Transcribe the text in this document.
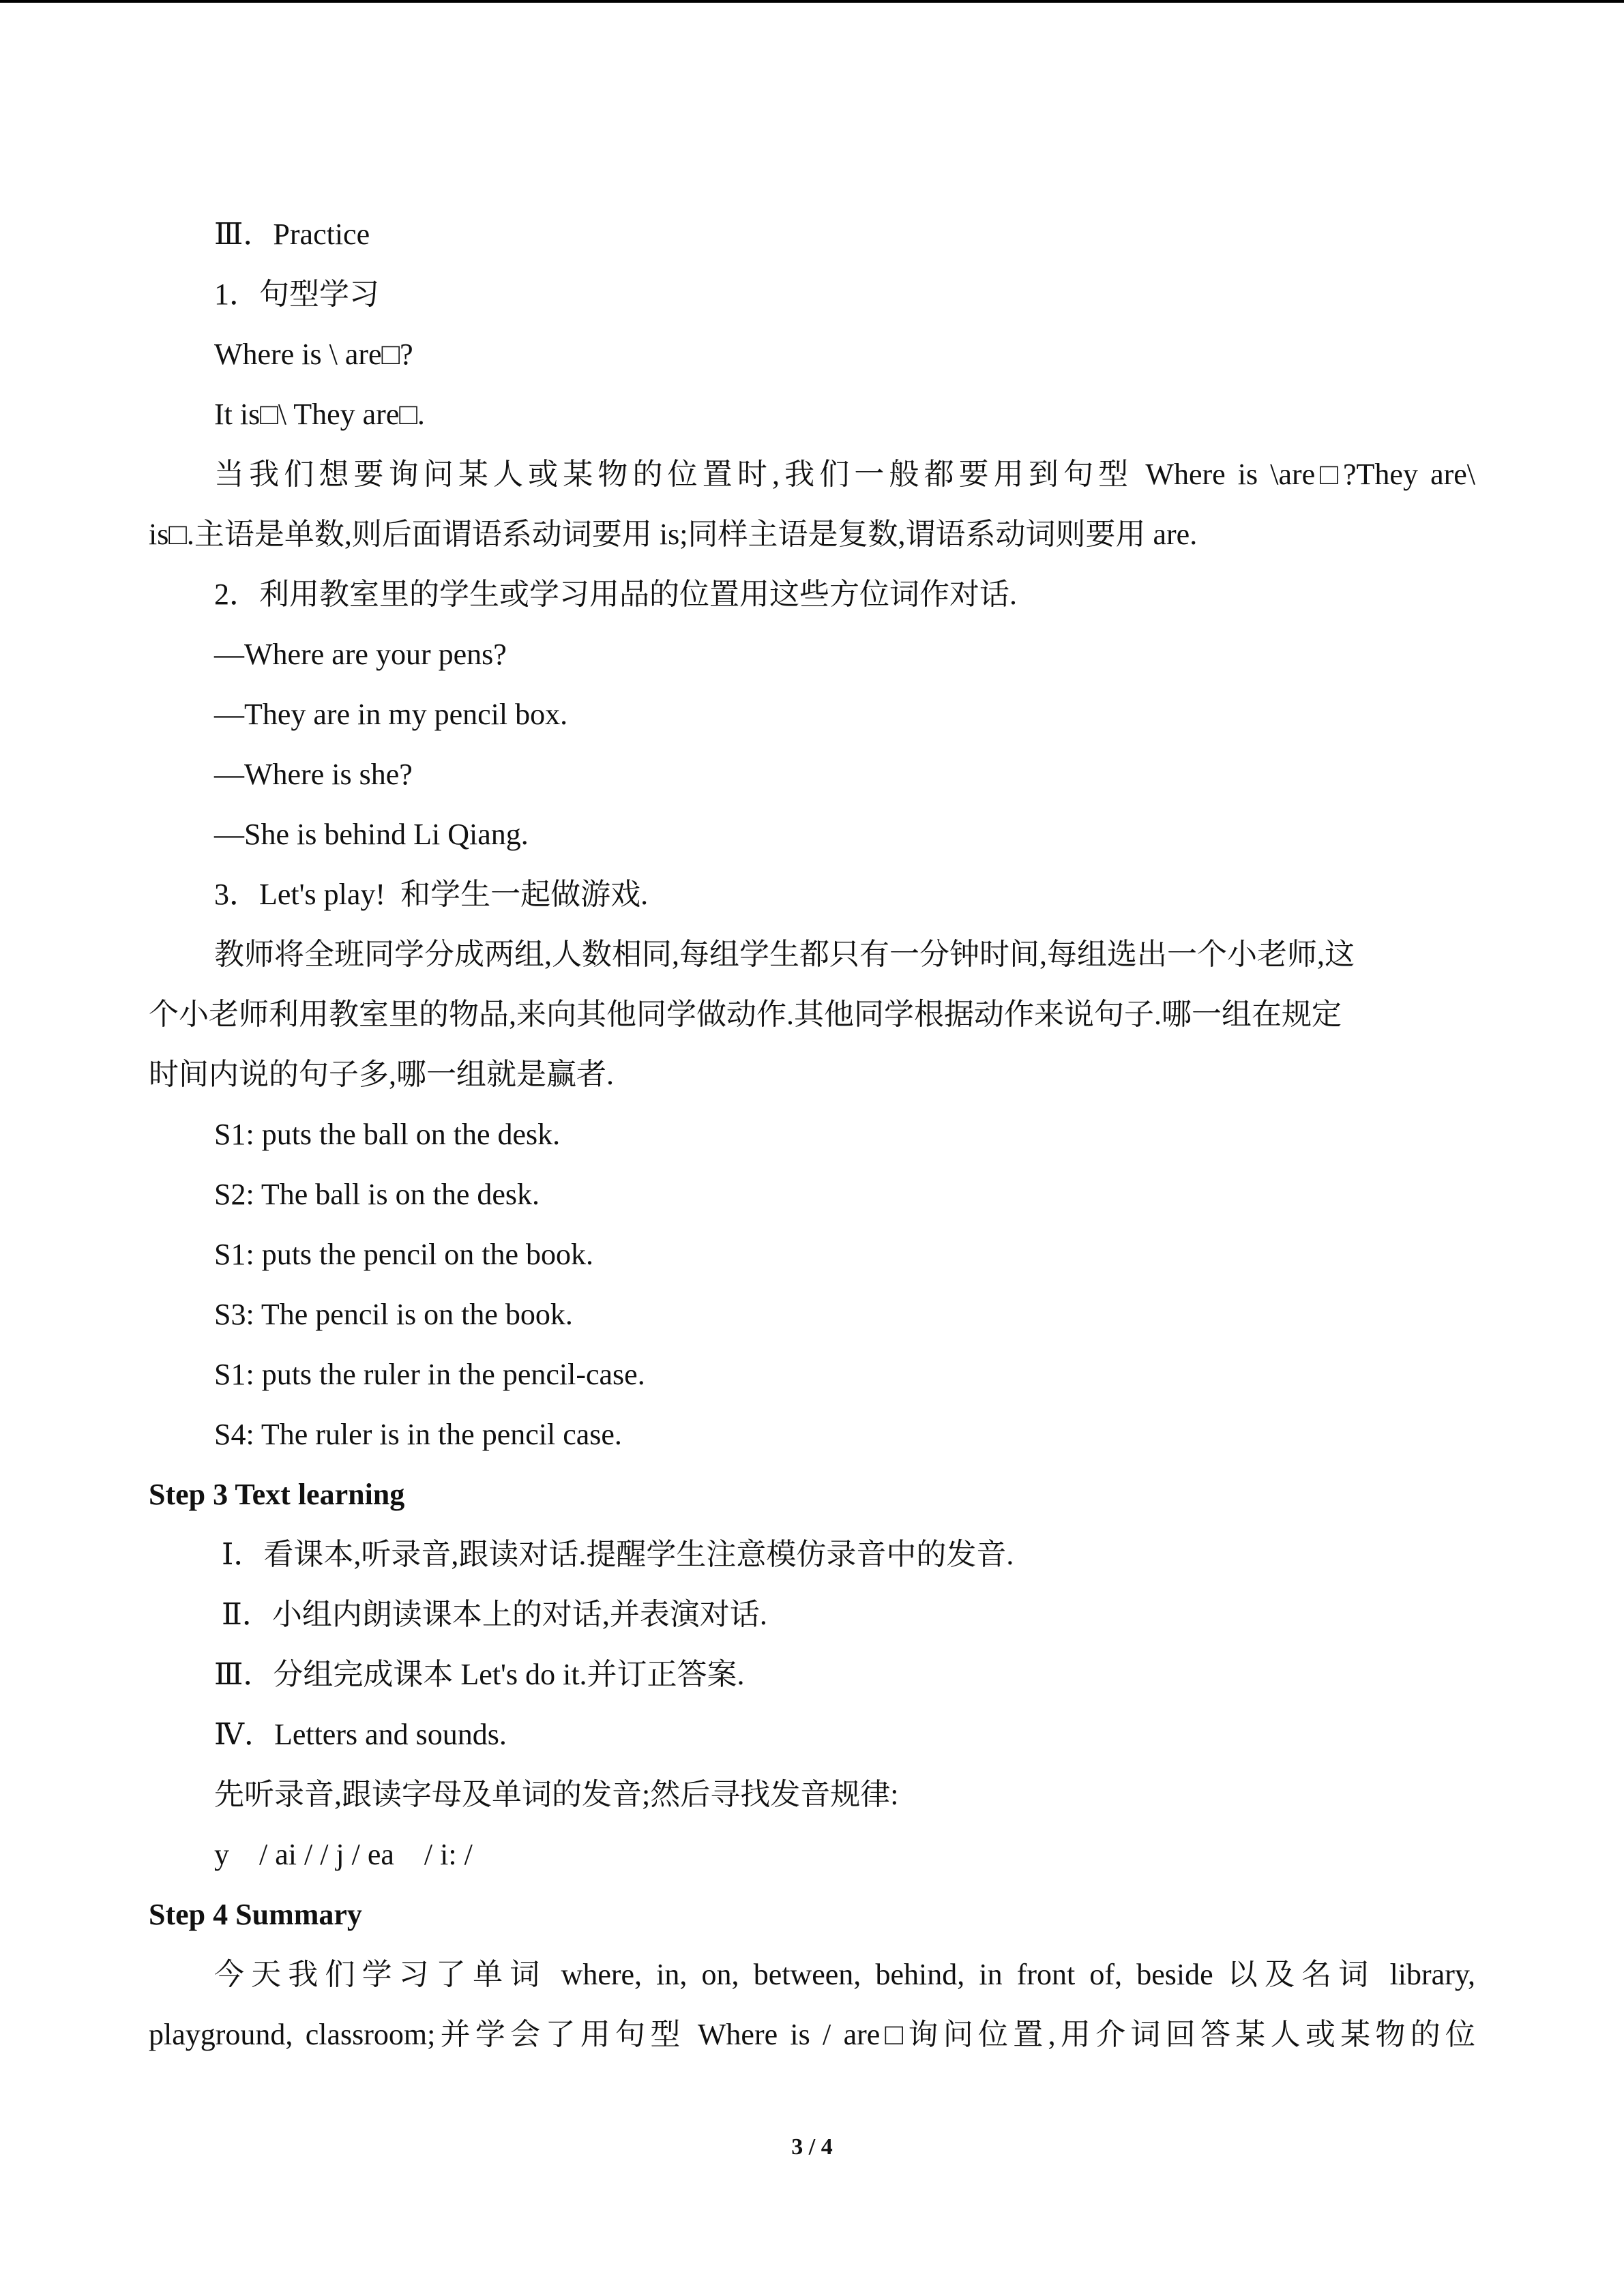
Ⅲ．Practice
1．句型学习
Where is \ are□?
It is□\ They are□.
当我们想要询问某人或某物的位置时,我们一般都要用到句型 Where is \are□?They are\
is□.主语是单数,则后面谓语系动词要用 is;同样主语是复数,谓语系动词则要用 are.
2．利用教室里的学生或学习用品的位置用这些方位词作对话.
—Where are your pens?
—They are in my pencil box.
—Where is she?
—She is behind Li Qiang.
3．Let's play!  和学生一起做游戏.
教师将全班同学分成两组,人数相同,每组学生都只有一分钟时间,每组选出一个小老师,这
个小老师利用教室里的物品,来向其他同学做动作.其他同学根据动作来说句子.哪一组在规定
时间内说的句子多,哪一组就是赢者.
S1: puts the ball on the desk.
S2: The ball is on the desk.
S1: puts the pencil on the book.
S3: The pencil is on the book.
S1: puts the ruler in the pencil-case.
S4: The ruler is in the pencil case.
Step 3 Text learning
Ⅰ．看课本,听录音,跟读对话.提醒学生注意模仿录音中的发音.
Ⅱ．小组内朗读课本上的对话,并表演对话.
Ⅲ．分组完成课本 Let's do it.并订正答案.
Ⅳ．Letters and sounds.
先听录音,跟读字母及单词的发音;然后寻找发音规律:
y    / ai / / j / ea    / i: /
Step 4 Summary
今天我们学习了单词 where, in, on, between, behind, in front of, beside 以及名词 library,
playground, classroom;并学会了用句型 Where is / are□询问位置,用介词回答某人或某物的位
3 / 4
